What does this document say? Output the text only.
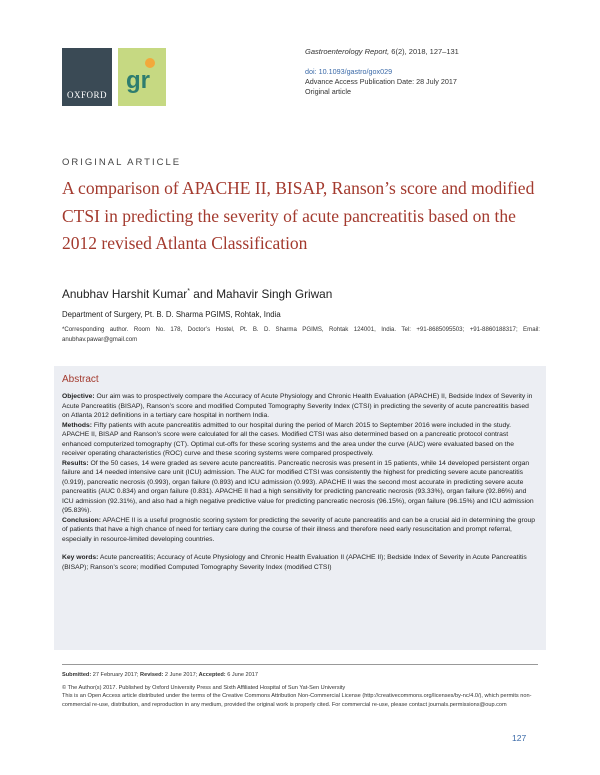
OXFORD
gr
Gastroenterology Report, 6(2), 2018, 127–131
doi: 10.1093/gastro/gox029
Advance Access Publication Date: 28 July 2017
Original article
ORIGINAL ARTICLE
A comparison of APACHE II, BISAP, Ranson’s score and modified CTSI in predicting the severity of acute pancreatitis based on the 2012 revised Atlanta Classification
Anubhav Harshit Kumar* and Mahavir Singh Griwan
Department of Surgery, Pt. B. D. Sharma PGIMS, Rohtak, India
*Corresponding author. Room No. 178, Doctor’s Hostel, Pt. B. D. Sharma PGIMS, Rohtak 124001, India. Tel: +91-8685095503; +91-8860188317; Email: anubhav.pawar@gmail.com
Abstract

Objective: Our aim was to prospectively compare the Accuracy of Acute Physiology and Chronic Health Evaluation (APACHE) II, Bedside Index of Severity in Acute Pancreatitis (BISAP), Ranson’s score and modified Computed Tomography Severity Index (CTSI) in predicting the severity of acute pancreatitis based on Atlanta 2012 definitions in a tertiary care hospital in northern India.

Methods: Fifty patients with acute pancreatitis admitted to our hospital during the period of March 2015 to September 2016 were included in the study. APACHE II, BISAP and Ranson’s score were calculated for all the cases. Modified CTSI was also determined based on a pancreatic protocol contrast enhanced computerized tomography (CT). Optimal cut-offs for these scoring systems and the area under the curve (AUC) were evaluated based on the receiver operating characteristics (ROC) curve and these scoring systems were compared prospectively.

Results: Of the 50 cases, 14 were graded as severe acute pancreatitis. Pancreatic necrosis was present in 15 patients, while 14 developed persistent organ failure and 14 needed intensive care unit (ICU) admission. The AUC for modified CTSI was consistently the highest for predicting severe acute pancreatitis (0.919), pancreatic necrosis (0.993), organ failure (0.893) and ICU admission (0.993). APACHE II was the second most accurate in predicting severe acute pancreatitis (AUC 0.834) and organ failure (0.831). APACHE II had a high sensitivity for predicting pancreatic necrosis (93.33%), organ failure (92.86%) and ICU admission (92.31%), and also had a high negative predictive value for predicting pancreatic necrosis (96.15%), organ failure (96.15%) and ICU admission (95.83%).

Conclusion: APACHE II is a useful prognostic scoring system for predicting the severity of acute pancreatitis and can be a crucial aid in determining the group of patients that have a high chance of need for tertiary care during the course of their illness and therefore need early resuscitation and prompt referral, especially in resource-limited developing countries.

Key words: Acute pancreatitis; Accuracy of Acute Physiology and Chronic Health Evaluation II (APACHE II); Bedside Index of Severity in Acute Pancreatitis (BISAP); Ranson’s score; modified Computed Tomography Severity Index (modified CTSI)

Submitted: 27 February 2017; Revised: 2 June 2017; Accepted: 6 June 2017
© The Author(s) 2017. Published by Oxford University Press and Sixth Affiliated Hospital of Sun Yat-Sen University
This is an Open Access article distributed under the terms of the Creative Commons Attribution Non-Commercial License (http://creativecommons.org/licenses/by-nc/4.0/), which permits non-commercial re-use, distribution, and reproduction in any medium, provided the original work is properly cited. For commercial re-use, please contact journals.permissions@oup.com
127
